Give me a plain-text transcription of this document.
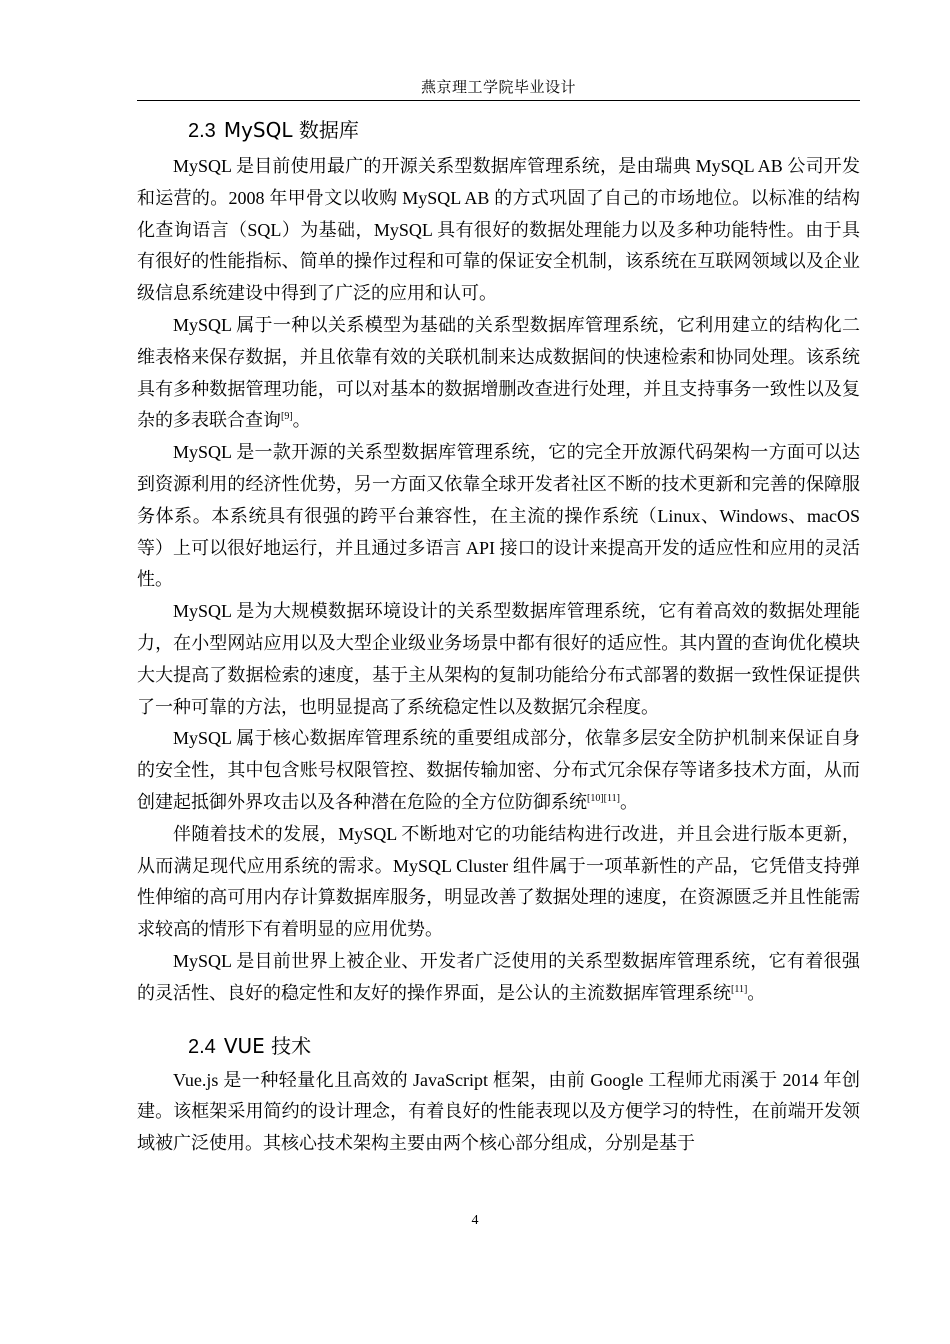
燕京理工学院毕业设计
2.3 MySQL 数据库

MySQL 是目前使用最广的开源关系型数据库管理系统，是由瑞典 MySQL AB 公司开发和运营的。2008 年甲骨文以收购 MySQL AB 的方式巩固了自己的市场地位。以标准的结构化查询语言（SQL）为基础，MySQL 具有很好的数据处理能力以及多种功能特性。由于具有很好的性能指标、简单的操作过程和可靠的保证安全机制，该系统在互联网领域以及企业级信息系统建设中得到了广泛的应用和认可。

MySQL 属于一种以关系模型为基础的关系型数据库管理系统，它利用建立的结构化二维表格来保存数据，并且依靠有效的关联机制来达成数据间的快速检索和协同处理。该系统具有多种数据管理功能，可以对基本的数据增删改查进行处理，并且支持事务一致性以及复杂的多表联合查询[9]。

MySQL 是一款开源的关系型数据库管理系统，它的完全开放源代码架构一方面可以达到资源利用的经济性优势，另一方面又依靠全球开发者社区不断的技术更新和完善的保障服务体系。本系统具有很强的跨平台兼容性，在主流的操作系统（Linux、Windows、macOS 等）上可以很好地运行，并且通过多语言 API 接口的设计来提高开发的适应性和应用的灵活性。

MySQL 是为大规模数据环境设计的关系型数据库管理系统，它有着高效的数据处理能力，在小型网站应用以及大型企业级业务场景中都有很好的适应性。其内置的查询优化模块大大提高了数据检索的速度，基于主从架构的复制功能给分布式部署的数据一致性保证提供了一种可靠的方法，也明显提高了系统稳定性以及数据冗余程度。

MySQL 属于核心数据库管理系统的重要组成部分，依靠多层安全防护机制来保证自身的安全性，其中包含账号权限管控、数据传输加密、分布式冗余保存等诸多技术方面，从而创建起抵御外界攻击以及各种潜在危险的全方位防御系统[10][11]。

伴随着技术的发展，MySQL 不断地对它的功能结构进行改进，并且会进行版本更新，从而满足现代应用系统的需求。MySQL Cluster 组件属于一项革新性的产品，它凭借支持弹性伸缩的高可用内存计算数据库服务，明显改善了数据处理的速度，在资源匮乏并且性能需求较高的情形下有着明显的应用优势。

MySQL 是目前世界上被企业、开发者广泛使用的关系型数据库管理系统，它有着很强的灵活性、良好的稳定性和友好的操作界面，是公认的主流数据库管理系统[11]。

2.4 VUE 技术

Vue.js 是一种轻量化且高效的 JavaScript 框架，由前 Google 工程师尤雨溪于 2014 年创建。该框架采用简约的设计理念，有着良好的性能表现以及方便学习的特性，在前端开发领域被广泛使用。其核心技术架构主要由两个核心部分组成，分别是基于

4
